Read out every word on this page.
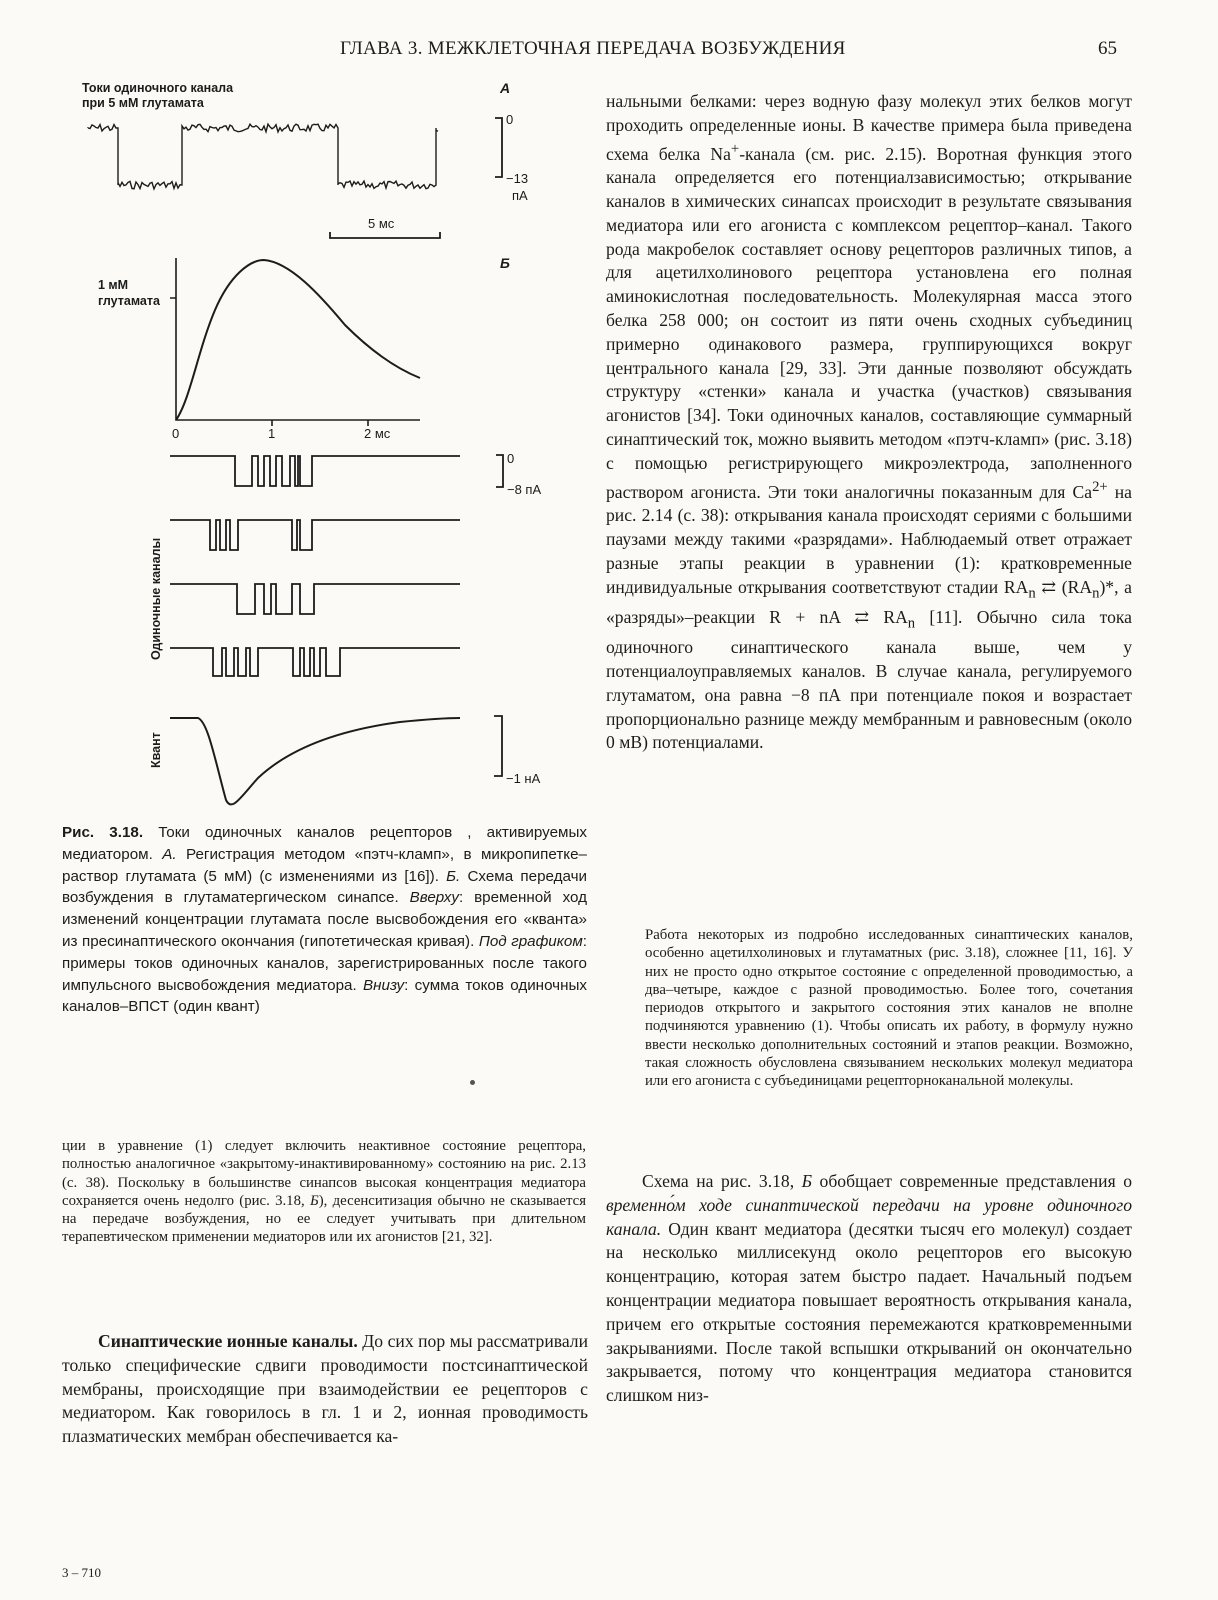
ГЛАВА 3. МЕЖКЛЕТОЧНАЯ ПЕРЕДАЧА ВОЗБУЖДЕНИЯ	65
Токи одиночного канала
при 5 мМ глутамата
А
0
−13
пА
5 мс
Б
1 мМ
глутамата
0	1	2 мс
0
−8 пА
Одиночные каналы
−1 нА
Квант
Рис. 3.18. Токи одиночных каналов рецепторов , активируемых медиатором. А. Регистрация методом «пэтч-кламп», в микропипетке–раствор глутамата (5 мМ) (с изменениями из [16]). Б. Схема передачи возбуждения в глутаматергическом синапсе. Вверху: временной ход изменений концентрации глутамата после высвобождения его «кванта» из пресинаптического окончания (гипотетическая кривая). Под графиком: примеры токов одиночных каналов, зарегистрированных после такого импульсного высвобождения медиатора. Внизу: сумма токов одиночных каналов–ВПСТ (один квант)
нальными белками: через водную фазу молекул этих белков могут проходить определенные ионы. В качестве примера была приведена схема белка Na+-канала (см. рис. 2.15). Воротная функция этого канала определяется его потенциалзависимостью; открывание каналов в химических синапсах происходит в результате связывания медиатора или его агониста с комплексом рецептор–канал. Такого рода макробелок составляет основу рецепторов различных типов, а для ацетилхолинового рецептора установлена его полная аминокислотная последовательность. Молекулярная масса этого белка 258 000; он состоит из пяти очень сходных субъединиц примерно одинакового размера, группирующихся вокруг центрального канала [29, 33]. Эти данные позволяют обсуждать структуру «стенки» канала и участка (участков) связывания агонистов [34]. Токи одиночных каналов, составляющие суммарный синаптический ток, можно выявить методом «пэтч-кламп» (рис. 3.18) с помощью регистрирующего микроэлектрода, заполненного раствором агониста. Эти токи аналогичны показанным для $Ca^{2+}$ на рис. 2.14 (с. 38): открывания канала происходят сериями с большими паузами между такими «разрядами». Наблюдаемый ответ отражает разные этапы реакции в уравнении (1): кратковременные индивидуальные открывания соответствуют стадии $RA_n$ ⇄ $(RA_n)*$, а «разряды»–реакции R + nA ⇄ $RA_n$ [11]. Обычно сила тока одиночного синаптического канала выше, чем у потенциалоуправляемых каналов. В случае канала, регулируемого глутаматом, она равна −8 пА при потенциале покоя и возрастает пропорционально разнице между мембранным и равновесным (около 0 мВ) потенциалами.
Работа некоторых из подробно исследованных синаптических каналов, особенно ацетилхолиновых и глутаматных (рис. 3.18), сложнее [11, 16]. У них не просто одно открытое состояние с определенной проводимостью, а два–четыре, каждое с разной проводимостью. Более того, сочетания периодов открытого и закрытого состояния этих каналов не вполне подчиняются уравнению (1). Чтобы описать их работу, в формулу нужно ввести несколько дополнительных состояний и этапов реакции. Возможно, такая сложность обусловлена связыванием нескольких молекул медиатора или его агониста с субъединицами рецепторноканальной молекулы.
Схема на рис. 3.18, Б обобщает современные представления о временно́м ходе синаптической передачи на уровне одиночного канала. Один квант медиатора (десятки тысяч его молекул) создает на несколько миллисекунд около рецепторов его высокую концентрацию, которая затем быстро падает. Начальный подъем концентрации медиатора повышает вероятность открывания канала, причем его открытые состояния перемежаются кратковременными закрываниями. После такой вспышки открываний он окончательно закрывается, потому что концентрация медиатора становится слишком низ-
ции в уравнение (1) следует включить неактивное состояние рецептора, полностью аналогичное «закрытому-инактивированному» состоянию на рис. 2.13 (с. 38). Поскольку в большинстве синапсов высокая концентрация медиатора сохраняется очень недолго (рис. 3.18, Б), десенситизация обычно не сказывается на передаче возбуждения, но ее следует учитывать при длительном терапевтическом применении медиаторов или их агонистов [21, 32].
Синаптические ионные каналы. До сих пор мы рассматривали только специфические сдвиги проводимости постсинаптической мембраны, происходящие при взаимодействии ее рецепторов с медиатором. Как говорилось в гл. 1 и 2, ионная проводимость плазматических мембран обеспечивается ка-
3 – 710
